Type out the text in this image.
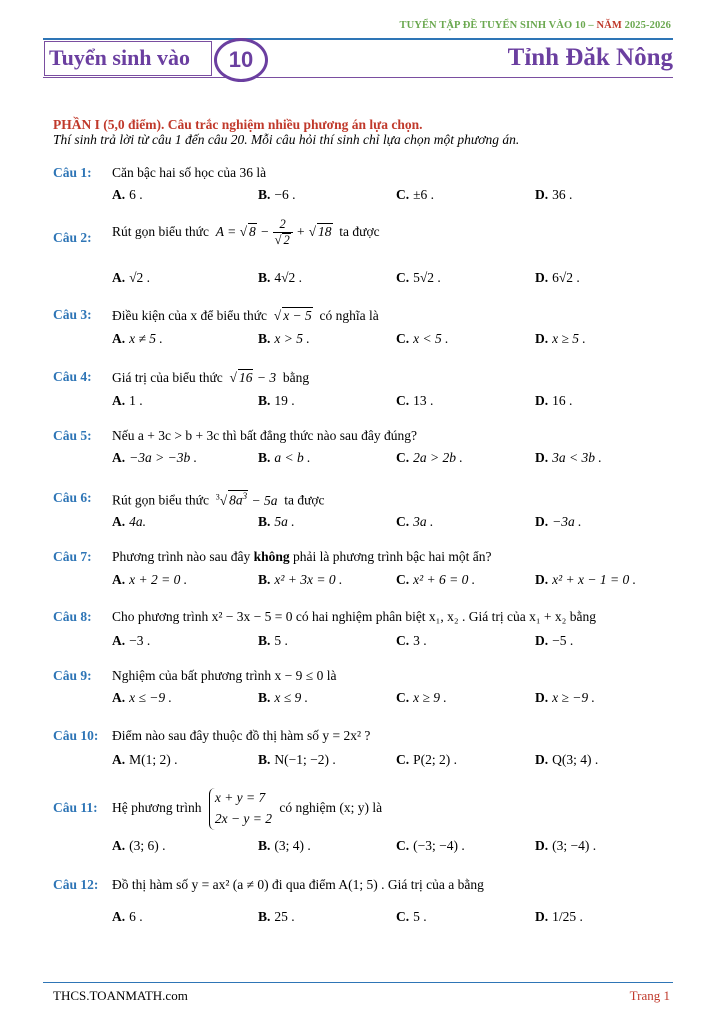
TUYỂN TẬP ĐỀ TUYỂN SINH VÀO 10 – NĂM 2025-2026
Tuyển sinh vào	10	Tỉnh Đăk Nông
PHẦN I (5,0 điểm). Câu trắc nghiệm nhiều phương án lựa chọn.
Thí sinh trả lời từ câu 1 đến câu 20. Mỗi câu hỏi thí sinh chỉ lựa chọn một phương án.
Câu 1: Căn bậc hai số học của 36 là
A. 6 .	B. −6 .	C. ±6 .	D. 36 .
Câu 2: Rút gọn biểu thức A = √ $8 - \frac{2}{√ 2}$ + √ 18 ta được
A. √2 .	B. 4√2 .	C. 5√2 .	D. 6√2 .
Câu 3: Điều kiện của x để biểu thức √ x − 5 có nghĩa là
A. x ≠ 5 .	B. x > 5 .	C. x < 5 .	D. x ≥ 5 .
Câu 4: Giá trị của biểu thức √ 16 − 3 bằng
A. 1 .	B. 19 .	C. 13 .	D. 16 .
Câu 5: Nếu a + 3c > b + 3c thì bất đẳng thức nào sau đây đúng?
A. −3a > −3b .	B. a < b .	C. 2a > 2b .	D. 3a < 3b .
Câu 6: Rút gọn biểu thức $^3$√ $8a^3 - 5a$ ta được
A. 4a.	B. 5a .	C. 3a .	D. −3a .
Câu 7: Phương trình nào sau đây không phải là phương trình bậc hai một ẩn?
A. x + 2 = 0 .	B. x² + 3x = 0 .	C. x² + 6 = 0 .	D. x² + x − 1 = 0 .
Câu 8: Cho phương trình x² − 3x − 5 = 0 có hai nghiệm phân biệt x₁, x₂ . Giá trị của x₁ + x₂ bằng
A. −3 .	B. 5 .	C. 3 .	D. −5 .
Câu 9: Nghiệm của bất phương trình x − 9 ≤ 0 là
A. x ≤ −9 .	B. x ≤ 9 .	C. x ≥ 9 .	D. x ≥ −9 .
Câu 10: Điểm nào sau đây thuộc đồ thị hàm số y = 2x² ?
A. M(1; 2) .	B. N(−1; −2) .	C. P(2; 2) .	D. Q(3; 4) .
Câu 11: Hệ phương trình x + y = 7
2x − y = 2 có nghiệm (x; y) là
A. (3; 6) .	B. (3; 4) .	C. (−3; −4) .	D. (3; −4) .
Câu 12: Đồ thị hàm số y = ax² (a ≠ 0) đi qua điểm A(1; 5) . Giá trị của a bằng
A. 6 .	B. 25 .	C. 5 .	D. 1/25 .
THCS.TOANMATH.com	Trang 1
